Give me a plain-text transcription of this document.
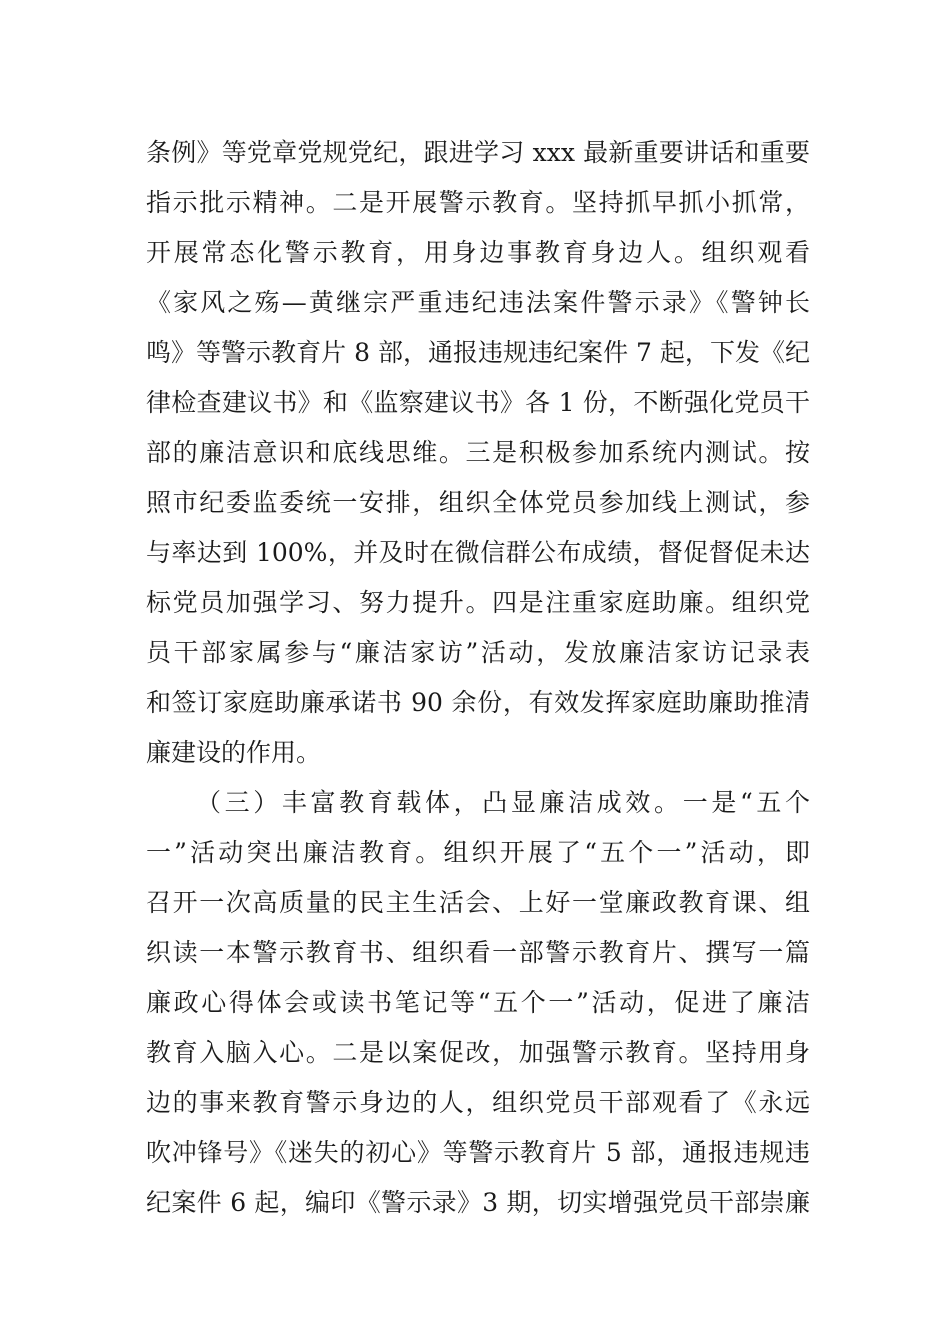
条例》等党章党规党纪，跟进学习 xxx 最新重要讲话和重要
指示批示精神。二是开展警示教育。坚持抓早抓小抓常，
开展常态化警示教育，用身边事教育身边人。组织观看
《家风之殇—黄继宗严重违纪违法案件警示录》《警钟长
鸣》等警示教育片 8 部，通报违规违纪案件 7 起，下发《纪
律检查建议书》和《监察建议书》各 1 份，不断强化党员干
部的廉洁意识和底线思维。三是积极参加系统内测试。按
照市纪委监委统一安排，组织全体党员参加线上测试，参
与率达到 100%，并及时在微信群公布成绩，督促督促未达
标党员加强学习、努力提升。四是注重家庭助廉。组织党
员干部家属参与“廉洁家访”活动，发放廉洁家访记录表
和签订家庭助廉承诺书 90 余份，有效发挥家庭助廉助推清
廉建设的作用。
（三）丰富教育载体，凸显廉洁成效。一是“五个
一”活动突出廉洁教育。组织开展了“五个一”活动，即
召开一次高质量的民主生活会、上好一堂廉政教育课、组
织读一本警示教育书、组织看一部警示教育片、撰写一篇
廉政心得体会或读书笔记等“五个一”活动，促进了廉洁
教育入脑入心。二是以案促改，加强警示教育。坚持用身
边的事来教育警示身边的人，组织党员干部观看了《永远
吹冲锋号》《迷失的初心》等警示教育片 5 部，通报违规违
纪案件 6 起，编印《警示录》3 期，切实增强党员干部崇廉
